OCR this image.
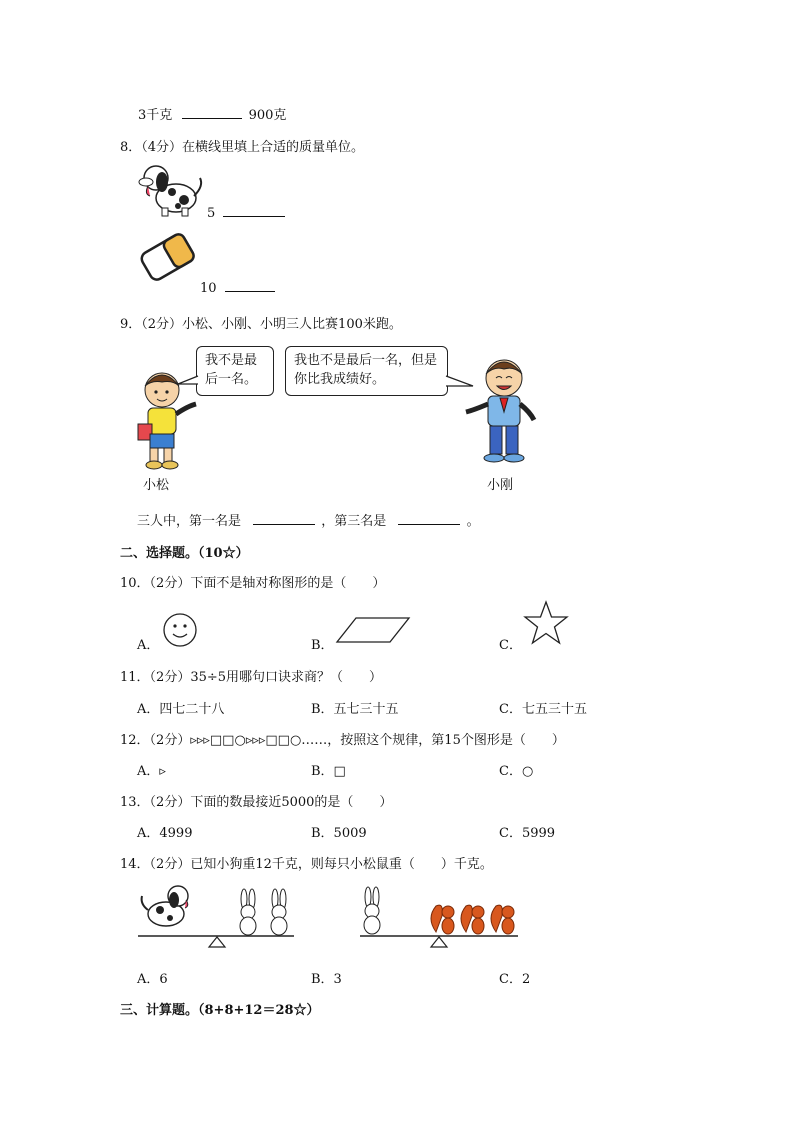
3千克	900克
8．（4分）在横线里填上合适的质量单位。
5
10
9．（2分）小松、小刚、小明三人比赛100米跑。
我不是最后一名。
我也不是最后一名，但是你比我成绩好。
小松	小刚
三人中，第一名是	，第三名是	。
二、选择题。（10☆）
10．（2分）下面不是轴对称图形的是（　　）
A．	B．	C．
11．（2分）35÷5用哪句口诀求商？（　　）
A．四七二十八	B．五七三十五	C．七五三十五
12．（2分）▹▹▹□□○▹▹▹□□○……，按照这个规律，第15个图形是（　　）
A．▹	B．□	C．○
13．（2分）下面的数最接近5000的是（　　）
A．4999	B．5009	C．5999
14．（2分）已知小狗重12千克，则每只小松鼠重（　　）千克。
A．6	B．3	C．2
三、计算题。（8+8+12＝28☆）
